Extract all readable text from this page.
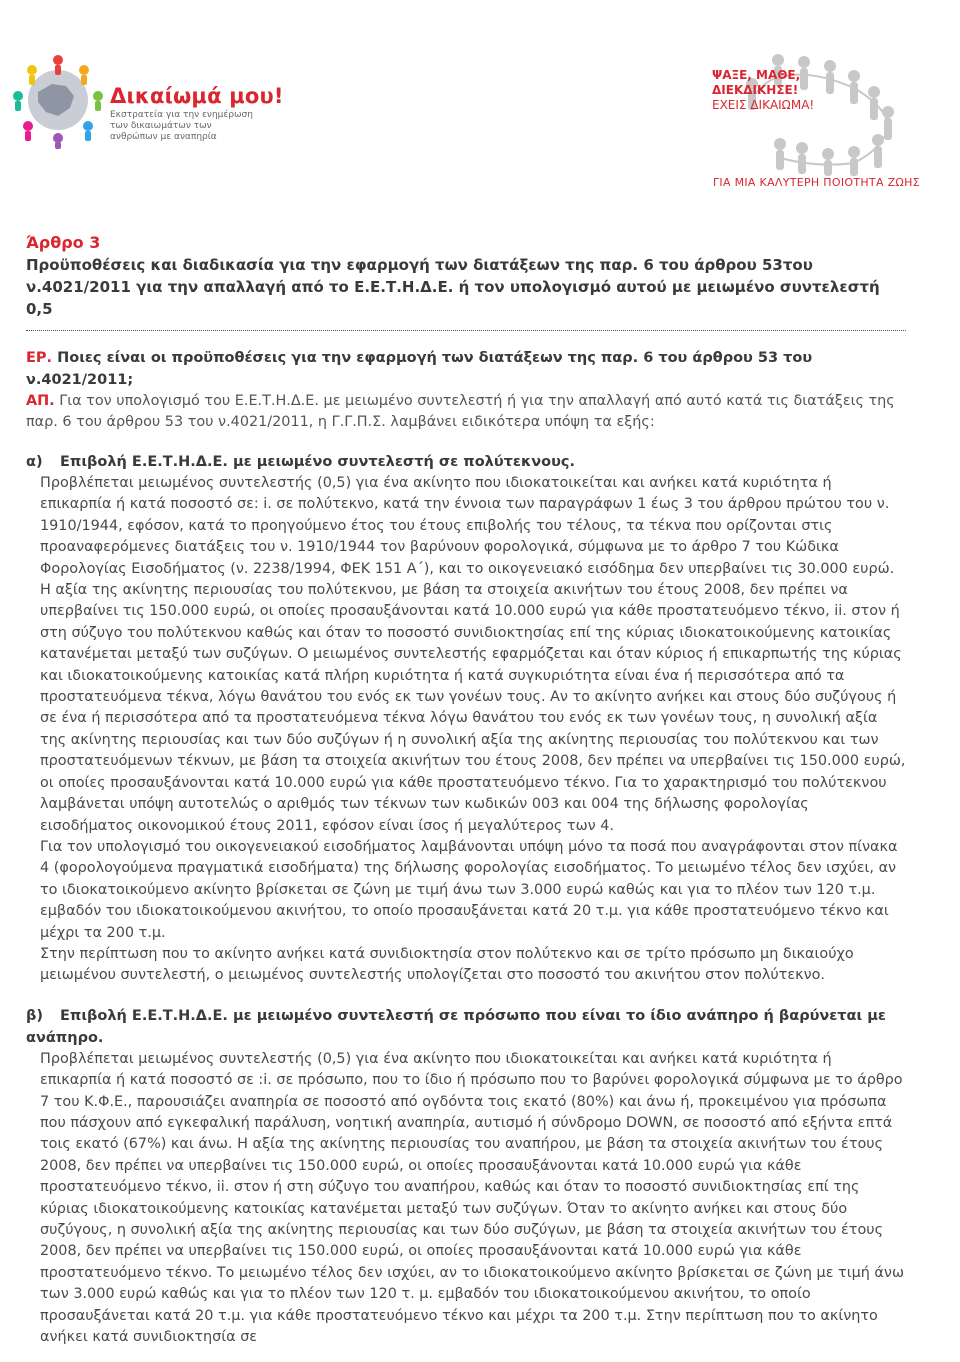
Δικαίωμά μου!
Εκστρατεία για την ενημέρωση των δικαιωμάτων των ανθρώπων με αναπηρία
ΨΑΞΕ, ΜΑΘΕ,
ΔΙΕΚΔΙΚΗΣΕ!
ΕΧΕΙΣ ΔΙΚΑΙΩΜΑ!
ΓΙΑ ΜΙΑ ΚΑΛΥΤΕΡΗ ΠΟΙΟΤΗΤΑ ΖΩΗΣ
Άρθρο 3
Προϋποθέσεις και διαδικασία για την εφαρμογή των διατάξεων της παρ. 6 του άρθρου 53του ν.4021/2011 για την απαλλαγή από το Ε.Ε.Τ.Η.Δ.Ε. ή τον υπολογισμό αυτού με μειωμένο συντελεστή 0,5
ΕΡ. Ποιες είναι οι προϋποθέσεις για την εφαρμογή των διατάξεων της παρ. 6 του άρθρου 53 του ν.4021/2011;
ΑΠ. Για τον υπολογισμό του Ε.Ε.Τ.Η.Δ.Ε. με μειωμένο συντελεστή ή για την απαλλαγή από αυτό κατά τις διατάξεις της παρ. 6 του άρθρου 53 του ν.4021/2011, η Γ.Γ.Π.Σ. λαμβάνει ειδικότερα υπόψη τα εξής:
α) Επιβολή Ε.Ε.Τ.Η.Δ.Ε. με μειωμένο συντελεστή σε πολύτεκνους.
Προβλέπεται μειωμένος συντελεστής (0,5) για ένα ακίνητο που ιδιοκατοικείται και ανήκει κατά κυριότητα ή επικαρπία ή κατά ποσοστό σε: i. σε πολύτεκνο, κατά την έννοια των παραγράφων 1 έως 3 του άρθρου πρώτου του ν. 1910/1944, εφόσον, κατά το προηγούμενο έτος του έτους επιβολής του τέλους, τα τέκνα που ορίζονται στις προαναφερόμενες διατάξεις του ν. 1910/1944 τον βαρύνουν φορολογικά, σύμφωνα με το άρθρο 7 του Κώδικα Φορολογίας Εισοδήματος (ν. 2238/1994, ΦΕΚ 151 Α΄), και το οικογενειακό εισόδημα δεν υπερβαίνει τις 30.000 ευρώ. Η αξία της ακίνητης περιουσίας του πολύτεκνου, με βάση τα στοιχεία ακινήτων του έτους 2008, δεν πρέπει να υπερβαίνει τις 150.000 ευρώ, οι οποίες προσαυξάνονται κατά 10.000 ευρώ για κάθε προστατευόμενο τέκνο, ii. στον ή στη σύζυγο του πολύτεκνου καθώς και όταν το ποσοστό συνιδιοκτησίας επί της κύριας ιδιοκατοικούμενης κατοικίας κατανέμεται μεταξύ των συζύγων. Ο μειωμένος συντελεστής εφαρμόζεται και όταν κύριος ή επικαρπωτής της κύριας και ιδιοκατοικούμενης κατοικίας κατά πλήρη κυριότητα ή κατά συγκυριότητα είναι ένα ή περισσότερα από τα προστατευόμενα τέκνα, λόγω θανάτου του ενός εκ των γονέων τους. Αν το ακίνητο ανήκει και στους δύο συζύγους ή σε ένα ή περισσότερα από τα προστατευόμενα τέκνα λόγω θανάτου του ενός εκ των γονέων τους, η συνολική αξία της ακίνητης περιουσίας και των δύο συζύγων ή η συνολική αξία της ακίνητης περιουσίας του πολύτεκνου και των προστατευόμενων τέκνων, με βάση τα στοιχεία ακινήτων του έτους 2008, δεν πρέπει να υπερβαίνει τις 150.000 ευρώ, οι οποίες προσαυξάνονται κατά 10.000 ευρώ για κάθε προστατευόμενο τέκνο. Για το χαρακτηρισμό του πολύτεκνου λαμβάνεται υπόψη αυτοτελώς ο αριθμός των τέκνων των κωδικών 003 και 004 της δήλωσης φορολογίας εισοδήματος οικονομικού έτους 2011, εφόσον είναι ίσος ή μεγαλύτερος των 4.
Για τον υπολογισμό του οικογενειακού εισοδήματος λαμβάνονται υπόψη μόνο τα ποσά που αναγράφονται στον πίνακα 4 (φορολογούμενα πραγματικά εισοδήματα) της δήλωσης φορολογίας εισοδήματος. Το μειωμένο τέλος δεν ισχύει, αν το ιδιοκατοικούμενο ακίνητο βρίσκεται σε ζώνη με τιμή άνω των 3.000 ευρώ καθώς και για το πλέον των 120 τ.μ. εμβαδόν του ιδιοκατοικούμενου ακινήτου, το οποίο προσαυξάνεται κατά 20 τ.μ. για κάθε προστατευόμενο τέκνο και μέχρι τα 200 τ.μ.
Στην περίπτωση που το ακίνητο ανήκει κατά συνιδιοκτησία στον πολύτεκνο και σε τρίτο πρόσωπο μη δικαιούχο μειωμένου συντελεστή, ο μειωμένος συντελεστής υπολογίζεται στο ποσοστό του ακινήτου στον πολύτεκνο.
β) Επιβολή Ε.Ε.Τ.Η.Δ.Ε. με μειωμένο συντελεστή σε πρόσωπο που είναι το ίδιο ανάπηρο ή βαρύνεται με ανάπηρο.
Προβλέπεται μειωμένος συντελεστής (0,5) για ένα ακίνητο που ιδιοκατοικείται και ανήκει κατά κυριότητα ή επικαρπία ή κατά ποσοστό σε :i. σε πρόσωπο, που το ίδιο ή πρόσωπο που το βαρύνει φορολογικά σύμφωνα με το άρθρο 7 του Κ.Φ.Ε., παρουσιάζει αναπηρία σε ποσοστό από ογδόντα τοις εκατό (80%) και άνω ή, προκειμένου για πρόσωπα που πάσχουν από εγκεφαλική παράλυση, νοητική αναπηρία, αυτισμό ή σύνδρομο DOWN, σε ποσοστό από εξήντα επτά τοις εκατό (67%) και άνω. Η αξία της ακίνητης περιουσίας του αναπήρου, με βάση τα στοιχεία ακινήτων του έτους 2008, δεν πρέπει να υπερβαίνει τις 150.000 ευρώ, οι οποίες προσαυξάνονται κατά 10.000 ευρώ για κάθε προστατευόμενο τέκνο, ii. στον ή στη σύζυγο του αναπήρου, καθώς και όταν το ποσοστό συνιδιοκτησίας επί της κύριας ιδιοκατοικούμενης κατοικίας κατανέμεται μεταξύ των συζύγων. Όταν το ακίνητο ανήκει και στους δύο συζύγους, η συνολική αξία της ακίνητης περιουσίας και των δύο συζύγων, με βάση τα στοιχεία ακινήτων του έτους 2008, δεν πρέπει να υπερβαίνει τις 150.000 ευρώ, οι οποίες προσαυξάνονται κατά 10.000 ευρώ για κάθε προστατευόμενο τέκνο. Το μειωμένο τέλος δεν ισχύει, αν το ιδιοκατοικούμενο ακίνητο βρίσκεται σε ζώνη με τιμή άνω των 3.000 ευρώ καθώς και για το πλέον των 120 τ. μ. εμβαδόν του ιδιοκατοικούμενου ακινήτου, το οποίο προσαυξάνεται κατά 20 τ.μ. για κάθε προστατευόμενο τέκνο και μέχρι τα 200 τ.μ. Στην περίπτωση που το ακίνητο ανήκει κατά συνιδιοκτησία σε
